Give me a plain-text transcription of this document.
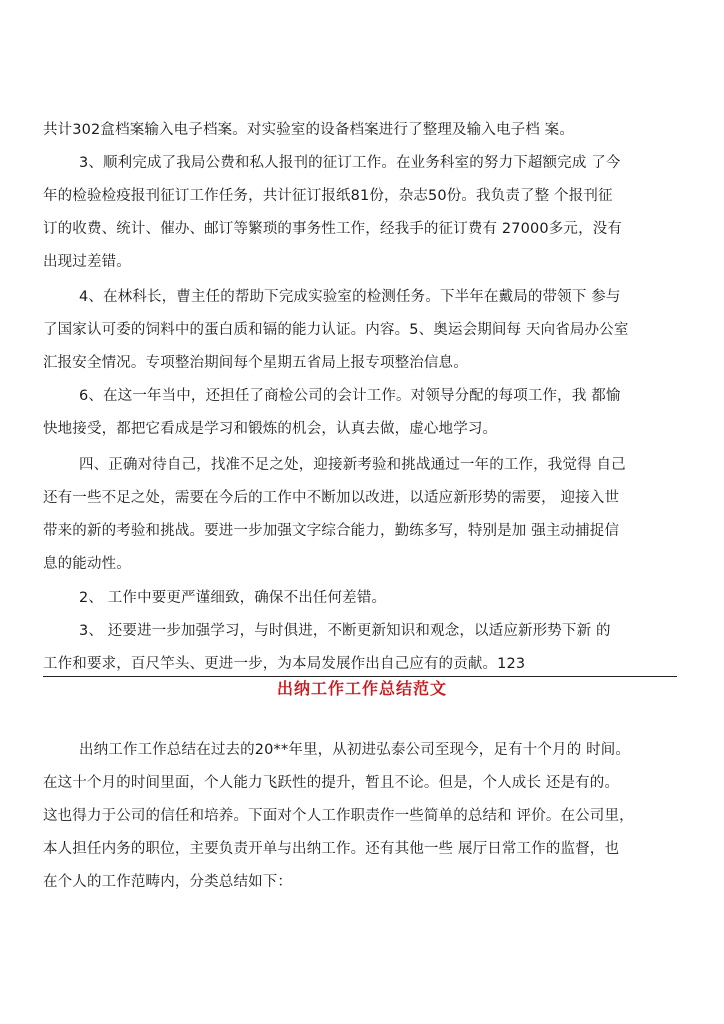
共计302盒档案输入电子档案。对实验室的设备档案进行了整理及输入电子档 案。

3、顺利完成了我局公费和私人报刊的征订工作。在业务科室的努力下超额完成 了今

年的检验检疫报刊征订工作任务，共计征订报纸81份，杂志50份。我负责了整 个报刊征

订的收费、统计、催办、邮订等繁琐的事务性工作，经我手的征订费有 27000多元，没有

出现过差错。

4、在林科长，曹主任的帮助下完成实验室的检测任务。下半年在戴局的带领下 参与

了国家认可委的饲料中的蛋白质和镉的能力认证。内容。5、奥运会期间每 天向省局办公室

汇报安全情况。专项整治期间每个星期五省局上报专项整治信息。

6、在这一年当中，还担任了商检公司的会计工作。对领导分配的每项工作，我 都愉

快地接受，都把它看成是学习和锻炼的机会，认真去做，虚心地学习。

四、正确对待自己，找准不足之处，迎接新考验和挑战通过一年的工作，我觉得 自己

还有一些不足之处，需要在今后的工作中不断加以改进，以适应新形势的需要， 迎接入世

带来的新的考验和挑战。要进一步加强文字综合能力，勤练多写，特别是加 强主动捕捉信

息的能动性。

2、 工作中要更严谨细致，确保不出任何差错。

3、 还要进一步加强学习，与时俱进，不断更新知识和观念，以适应新形势下新 的

工作和要求，百尺竿头、更进一步，为本局发展作出自己应有的贡献。123

出纳工作工作总结范文

出纳工作工作总结在过去的20**年里，从初进弘泰公司至现今，足有十个月的 时间。

在这十个月的时间里面，个人能力飞跃性的提升，暂且不论。但是，个人成长 还是有的。

这也得力于公司的信任和培养。下面对个人工作职责作一些简单的总结和 评价。在公司里，

本人担任内务的职位，主要负责开单与出纳工作。还有其他一些 展厅日常工作的监督，也

在个人的工作范畴内，分类总结如下：
